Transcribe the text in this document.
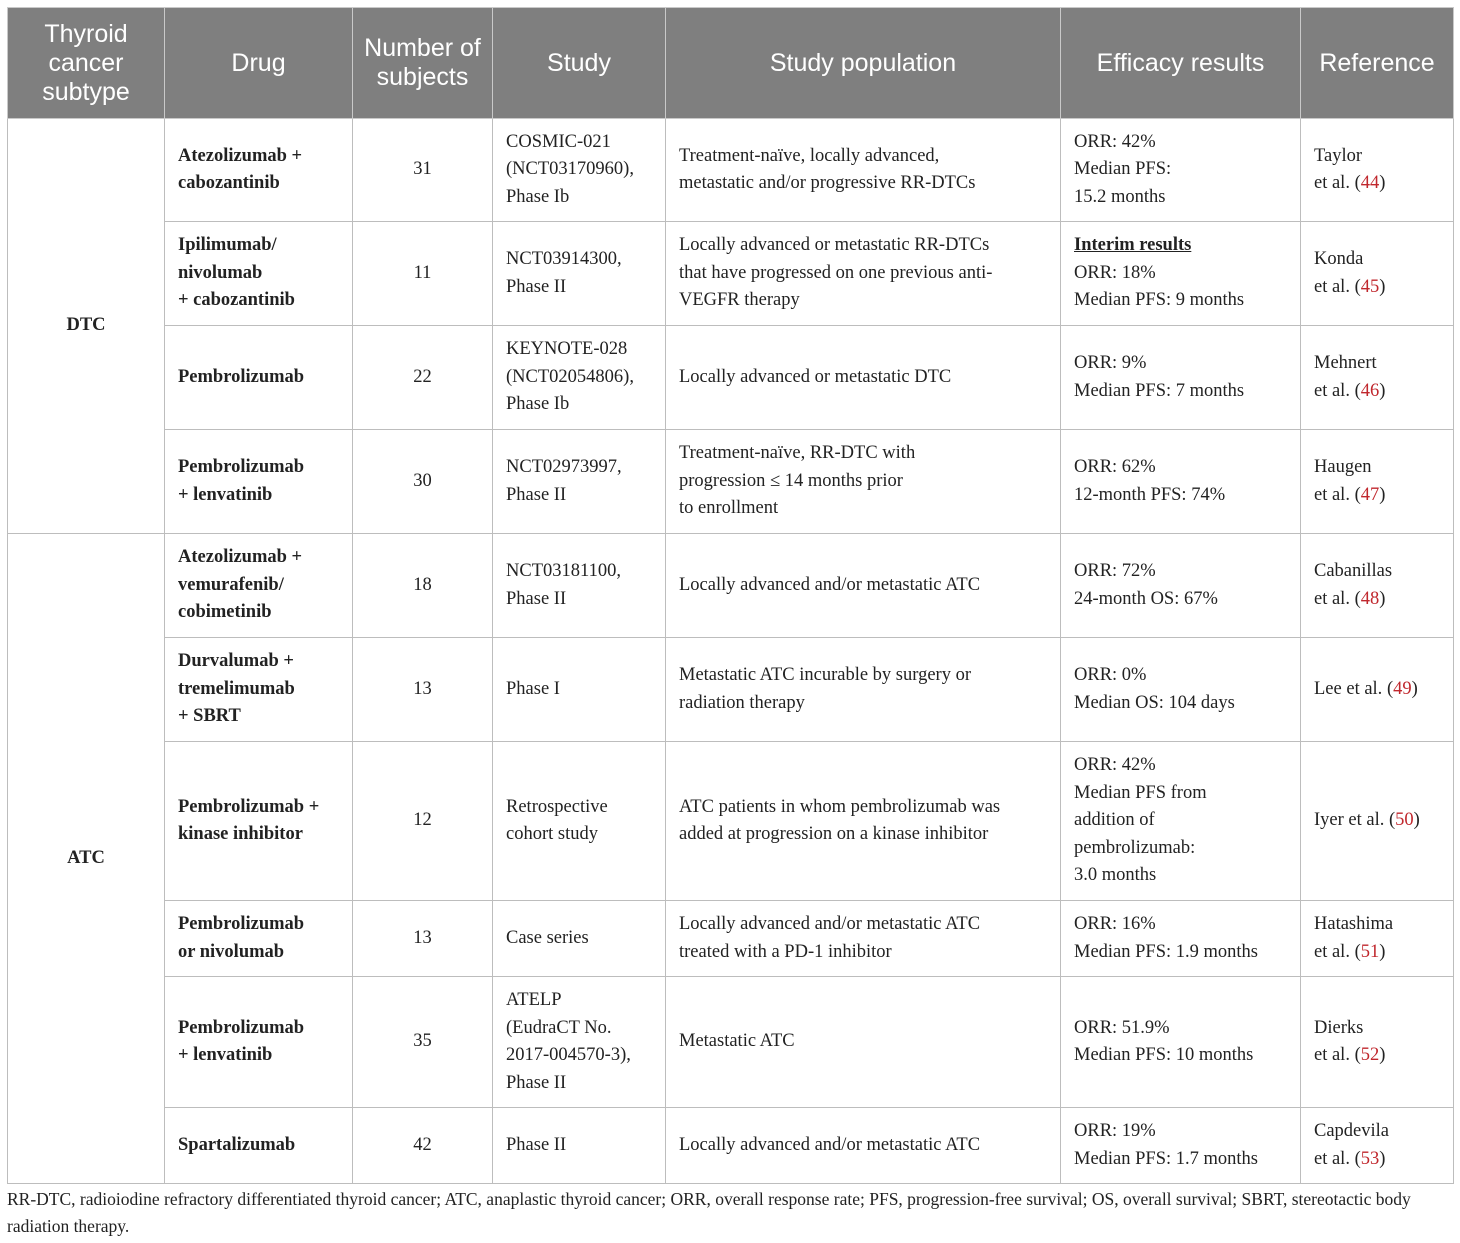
Thyroid cancer subtype	Drug	Number of subjects	Study	Study population	Efficacy results	Reference
DTC	Atezolizumab +
cabozantinib	31	COSMIC-021
(NCT03170960),
Phase Ib	Treatment-naïve, locally advanced,
metastatic and/or progressive RR-DTCs	ORR: 42%
Median PFS:
15.2 months	Taylor
et al. (44)

	Ipilimumab/
nivolumab
+ cabozantinib	11	NCT03914300,
Phase II	Locally advanced or metastatic RR-DTCs
that have progressed on one previous anti-
VEGFR therapy	Interim results
ORR: 18%
Median PFS: 9 months	Konda
et al. (45)

	Pembrolizumab	22	KEYNOTE-028
(NCT02054806),
Phase Ib	Locally advanced or metastatic DTC	ORR: 9%
Median PFS: 7 months	Mehnert
et al. (46)

	Pembrolizumab
+ lenvatinib	30	NCT02973997,
Phase II	Treatment-naïve, RR-DTC with
progression ≤ 14 months prior
to enrollment	ORR: 62%
12-month PFS: 74%	Haugen
et al. (47)

ATC	Atezolizumab +
vemurafenib/
cobimetinib	18	NCT03181100,
Phase II	Locally advanced and/or metastatic ATC	ORR: 72%
24-month OS: 67%	Cabanillas
et al. (48)

	Durvalumab +
tremelimumab
+ SBRT	13	Phase I	Metastatic ATC incurable by surgery or
radiation therapy	ORR: 0%
Median OS: 104 days	Lee et al. (49)

	Pembrolizumab +
kinase inhibitor	12	Retrospective
cohort study	ATC patients in whom pembrolizumab was
added at progression on a kinase inhibitor	ORR: 42%
Median PFS from
addition of
pembrolizumab:
3.0 months	Iyer et al. (50)

	Pembrolizumab
or nivolumab	13	Case series	Locally advanced and/or metastatic ATC
treated with a PD-1 inhibitor	ORR: 16%
Median PFS: 1.9 months	Hatashima
et al. (51)

	Pembrolizumab
+ lenvatinib	35	ATELP
(EudraCT No.
2017-004570-3),
Phase II	Metastatic ATC	ORR: 51.9%
Median PFS: 10 months	Dierks
et al. (52)

	Spartalizumab	42	Phase II	Locally advanced and/or metastatic ATC	ORR: 19%
Median PFS: 1.7 months	Capdevila
et al. (53)
RR-DTC, radioiodine refractory differentiated thyroid cancer; ATC, anaplastic thyroid cancer; ORR, overall response rate; PFS, progression-free survival; OS, overall survival; SBRT, stereotactic body radiation therapy.
